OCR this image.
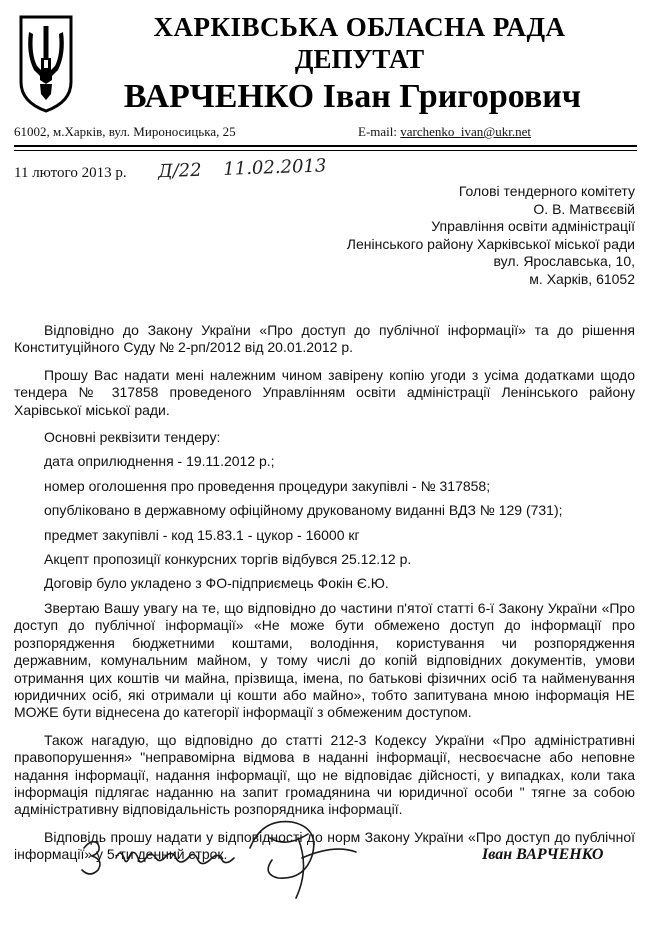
ХАРКІВСЬКА ОБЛАСНА РАДА
ДЕПУТАТ
ВАРЧЕНКО Іван Григорович
61002, м.Харків, вул. Мироносицька, 25	E-mail: varchenko_ivan@ukr.net
11 лютого 2013 р. Д/22 11.02.2013
Голові тендерного комітету
О. В. Матвєєвій
Управління освіти адміністрації
Ленінського району Харківської міської ради
вул. Ярославська, 10,
м. Харків, 61052

Відповідно до Закону України «Про доступ до публічної інформації» та до рішення Конституційного Суду № 2-рп/2012 від 20.01.2012 р.

Прошу Вас надати мені належним чином завірену копію угоди з усіма додатками щодо тендера № 317858 проведеного Управлінням освіти адміністрації Ленінського району Харівської міської ради.

Основні реквізити тендеру:

дата оприлюднення - 19.11.2012 р.;

номер оголошення про проведення процедури закупівлі - № 317858;

опубліковано в державному офіційному друкованому виданні ВДЗ № 129 (731);

предмет закупівлі - код 15.83.1 - цукор - 16000 кг

Акцепт пропозиції конкурсних торгів відбувся 25.12.12 р.

Договір було укладено з ФО-підприємець Фокін Є.Ю.

Звертаю Вашу увагу на те, що відповідно до частини п'ятої статті 6-ї Закону України «Про доступ до публічної інформації» «Не може бути обмежено доступ до інформації про розпорядження бюджетними коштами, володіння, користування чи розпорядження державним, комунальним майном, у тому числі до копій відповідних документів, умови отримання цих коштів чи майна, прізвища, імена, по батькові фізичних осіб та найменування юридичних осіб, які отримали ці кошти або майно», тобто запитувана мною інформація НЕ МОЖЕ бути віднесена до категорії інформації з обмеженим доступом.

Також нагадую, що відповідно до статті 212-3 Кодексу України «Про адміністративні правопорушення» "неправомірна відмова в наданні інформації, несвоєчасне або неповне надання інформації, надання інформації, що не відповідає дійсності, у випадках, коли така інформація підлягає наданню на запит громадянина чи юридичної особи " тягне за собою адміністративну відповідальність розпорядника інформації.

Відповідь прошу надати у відповідності до норм Закону України «Про доступ до публічної інформації» у 5-ти денний строк.	Іван ВАРЧЕНКО
